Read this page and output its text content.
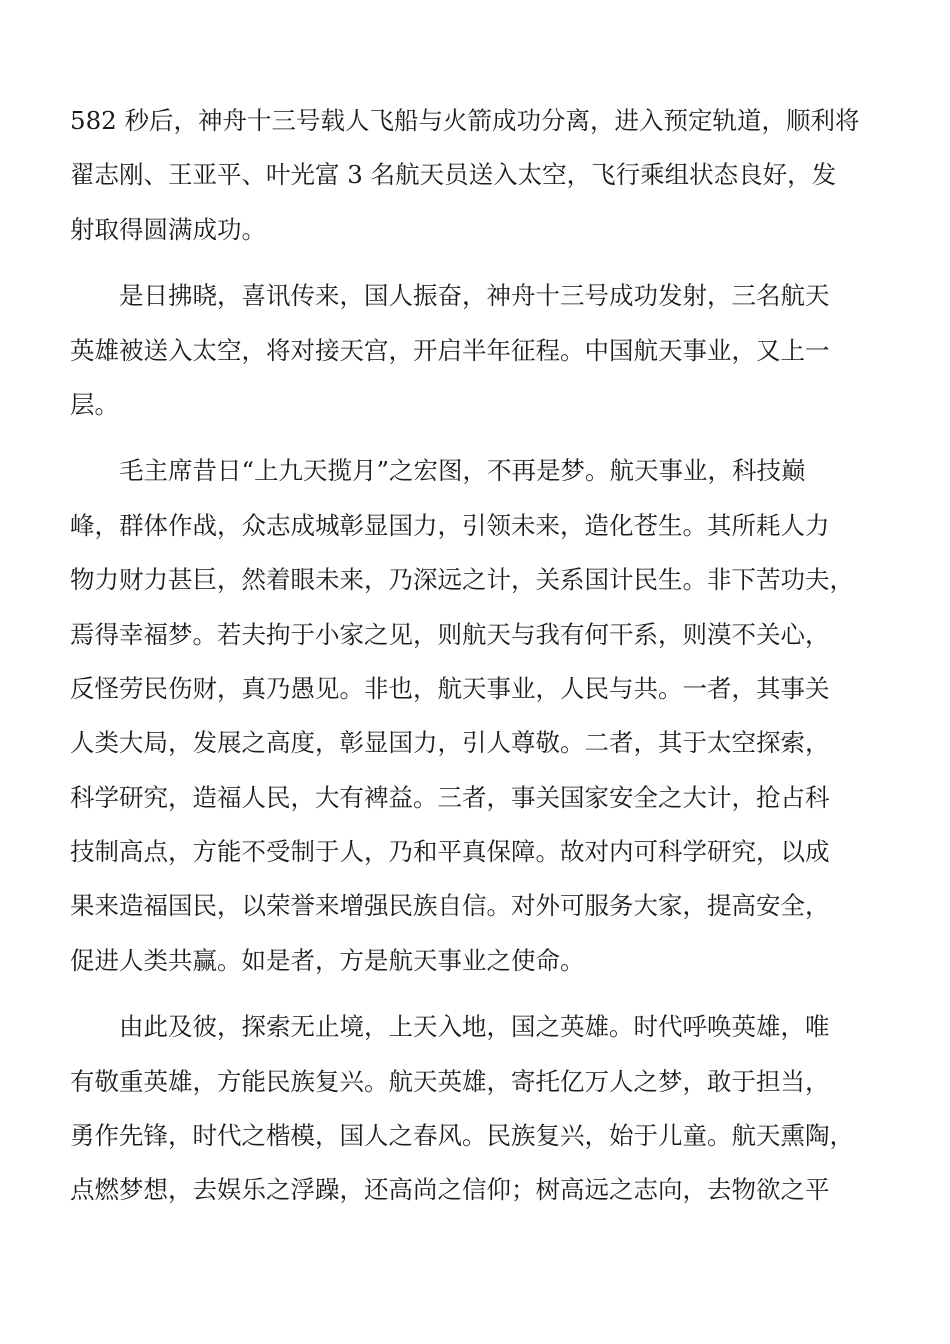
582 秒后，神舟十三号载人飞船与火箭成功分离，进入预定轨道，顺利将
翟志刚、王亚平、叶光富 3 名航天员送入太空，飞行乘组状态良好，发
射取得圆满成功。
　　是日拂晓，喜讯传来，国人振奋，神舟十三号成功发射，三名航天
英雄被送入太空，将对接天宫，开启半年征程。中国航天事业，又上一
层。
　　毛主席昔日“上九天揽月”之宏图，不再是梦。航天事业，科技巅
峰，群体作战，众志成城彰显国力，引领未来，造化苍生。其所耗人力
物力财力甚巨，然着眼未来，乃深远之计，关系国计民生。非下苦功夫，
焉得幸福梦。若夫拘于小家之见，则航天与我有何干系，则漠不关心，
反怪劳民伤财，真乃愚见。非也，航天事业，人民与共。一者，其事关
人类大局，发展之高度，彰显国力，引人尊敬。二者，其于太空探索，
科学研究，造福人民，大有裨益。三者，事关国家安全之大计，抢占科
技制高点，方能不受制于人，乃和平真保障。故对内可科学研究，以成
果来造福国民，以荣誉来增强民族自信。对外可服务大家，提高安全，
促进人类共赢。如是者，方是航天事业之使命。
　　由此及彼，探索无止境，上天入地，国之英雄。时代呼唤英雄，唯
有敬重英雄，方能民族复兴。航天英雄，寄托亿万人之梦，敢于担当，
勇作先锋，时代之楷模，国人之春风。民族复兴，始于儿童。航天熏陶，
点燃梦想，去娱乐之浮躁，还高尚之信仰；树高远之志向，去物欲之平
